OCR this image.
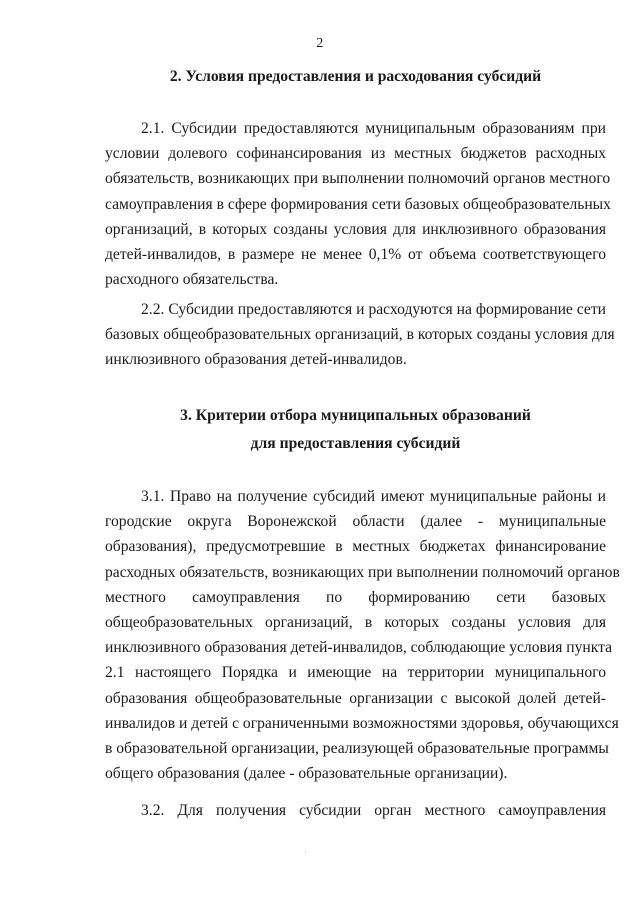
2

2. Условия предоставления и расходования субсидий

2.1. Субсидии предоставляются муниципальным образованиям при
условии долевого софинансирования из местных бюджетов расходных
обязательств, возникающих при выполнении полномочий органов местного
самоуправления в сфере формирования сети базовых общеобразовательных
организаций, в которых созданы условия для инклюзивного образования
детей-инвалидов, в размере не менее 0,1% от объема соответствующего
расходного обязательства.
2.2. Субсидии предоставляются и расходуются на формирование сети
базовых общеобразовательных организаций, в которых созданы условия для
инклюзивного образования детей-инвалидов.

3. Критерии отбора муниципальных образований

для предоставления субсидий

3.1. Право на получение субсидий имеют муниципальные районы и
городские округа Воронежской области (далее - муниципальные
образования), предусмотревшие в местных бюджетах финансирование
расходных обязательств, возникающих при выполнении полномочий органов
местного самоуправления по формированию сети базовых
общеобразовательных организаций, в которых созданы условия для
инклюзивного образования детей-инвалидов, соблюдающие условия пункта
2.1 настоящего Порядка и имеющие на территории муниципального
образования общеобразовательные организации с высокой долей детей-
инвалидов и детей с ограниченными возможностями здоровья, обучающихся
в образовательной организации, реализующей образовательные программы
общего образования (далее - образовательные организации).
3.2. Для получения субсидии орган местного самоуправления
